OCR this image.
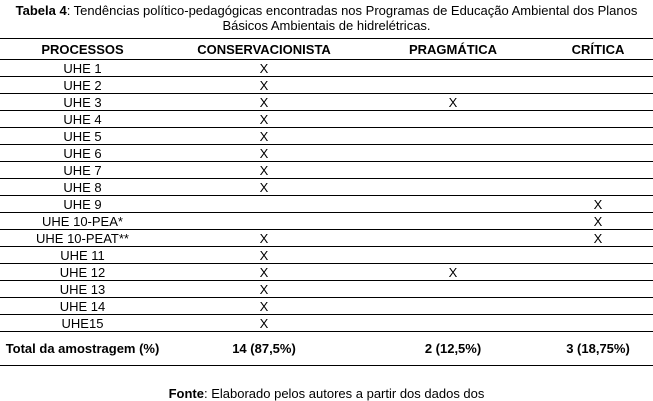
Tabela 4: Tendências político-pedagógicas encontradas nos Programas de Educação Ambiental dos Planos Básicos Ambientais de hidrelétricas.
PROCESSOS	CONSERVACIONISTA	PRAGMÁTICA	CRÍTICA
UHE 1	X		
UHE 2	X		
UHE 3	X	X	
UHE 4	X		
UHE 5	X		
UHE 6	X		
UHE 7	X		
UHE 8	X		
UHE 9			X
UHE 10-PEA*			X
UHE 10-PEAT**	X		X
UHE 11	X		
UHE 12	X	X	
UHE 13	X		
UHE 14	X		
UHE15	X		
Total da amostragem (%)	14 (87,5%)	2 (12,5%)	3 (18,75%)
Fonte: Elaborado pelos autores a partir dos dados dos
